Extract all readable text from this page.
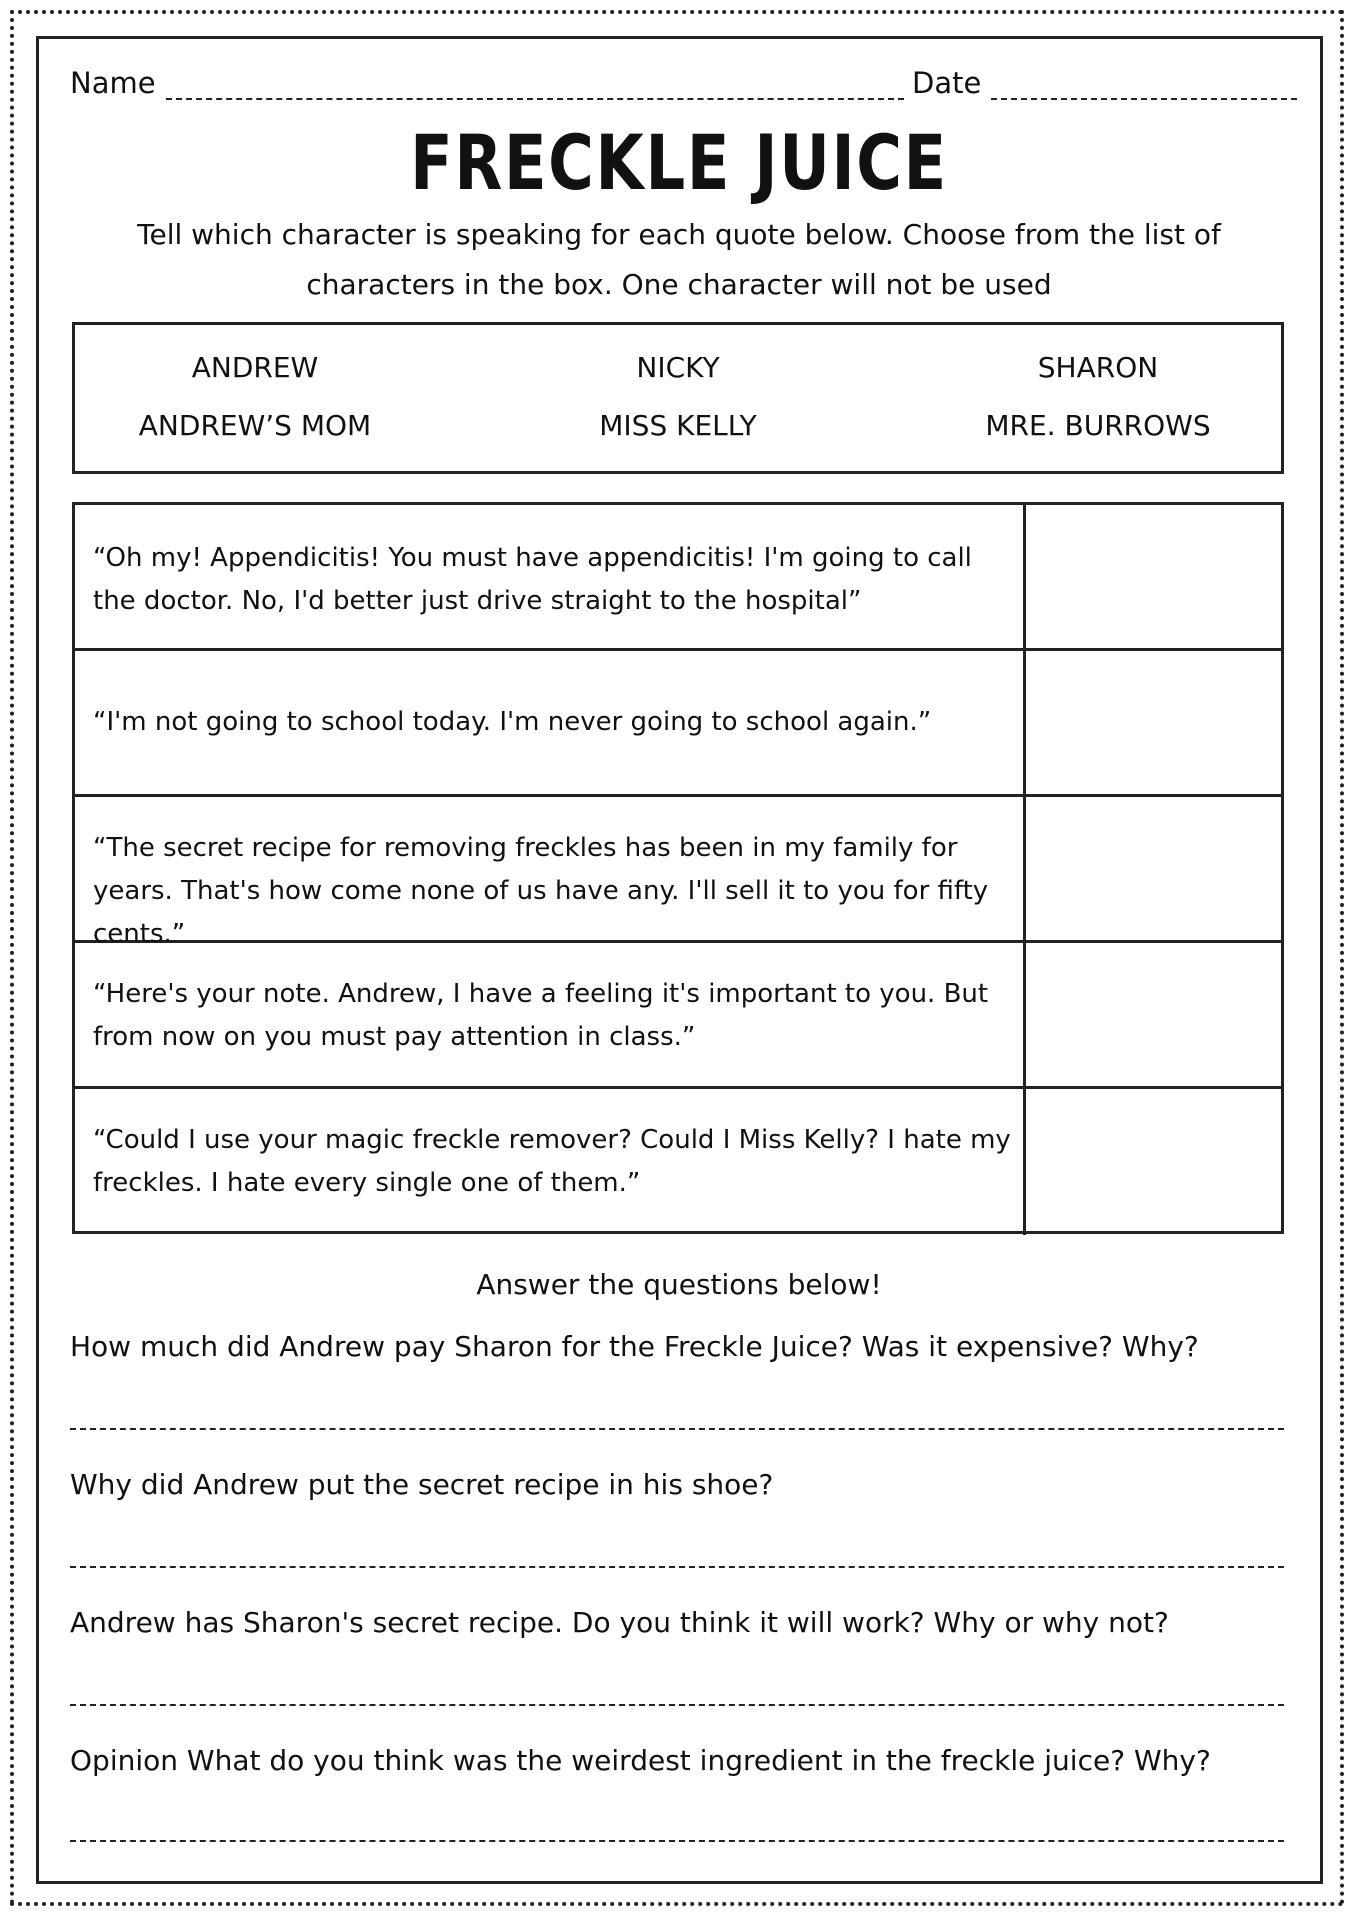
Name	Date
FRECKLE JUICE
Tell which character is speaking for each quote below. Choose from the list of characters in the box. One character will not be used
ANDREW	NICKY	SHARON
ANDREW’S MOM	MISS KELLY	MRE. BURROWS
“Oh my! Appendicitis! You must have appendicitis! I'm going to call the doctor. No, I'd better just drive straight to the hospital”
“I'm not going to school today. I'm never going to school again.”
“The secret recipe for removing freckles has been in my family for years. That's how come none of us have any. I'll sell it to you for fifty cents.”
“Here's your note. Andrew, I have a feeling it's important to you. But from now on you must pay attention in class.”
“Could I use your magic freckle remover? Could I Miss Kelly? I hate my freckles. I hate every single one of them.”
Answer the questions below!
How much did Andrew pay Sharon for the Freckle Juice? Was it expensive? Why?
Why did Andrew put the secret recipe in his shoe?
Andrew has Sharon's secret recipe. Do you think it will work? Why or why not?
Opinion What do you think was the weirdest ingredient in the freckle juice? Why?
